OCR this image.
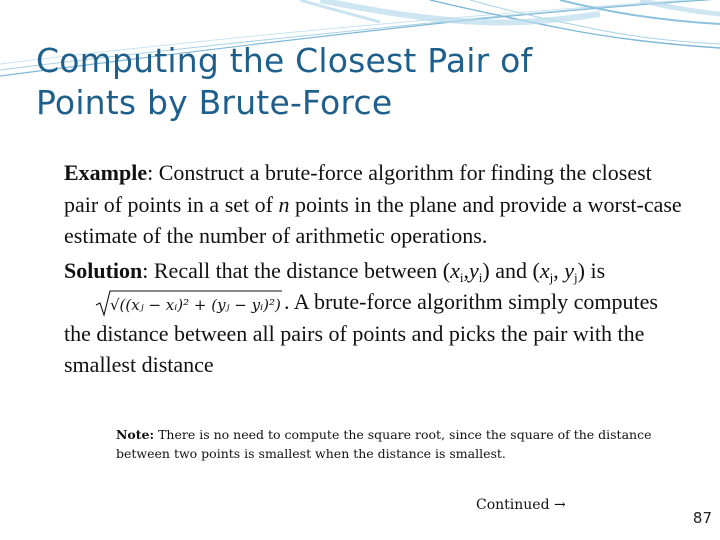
Computing the Closest Pair of
Points by Brute-Force

Example: Construct a brute-force algorithm for finding the closest pair of points in a set of n points in the plane and provide a worst-case estimate of the number of arithmetic operations.

Solution: Recall that the distance between $(x_i,y_i)$ and ($x_j$, $y_j$) is
√((xⱼ − xᵢ)² + (yⱼ − yᵢ)²) . A brute-force algorithm simply computes the distance between all pairs of points and picks the pair with the smallest distance

Note: There is no need to compute the square root, since the square of the distance between two points is smallest when the distance is smallest.
Continued →
87
